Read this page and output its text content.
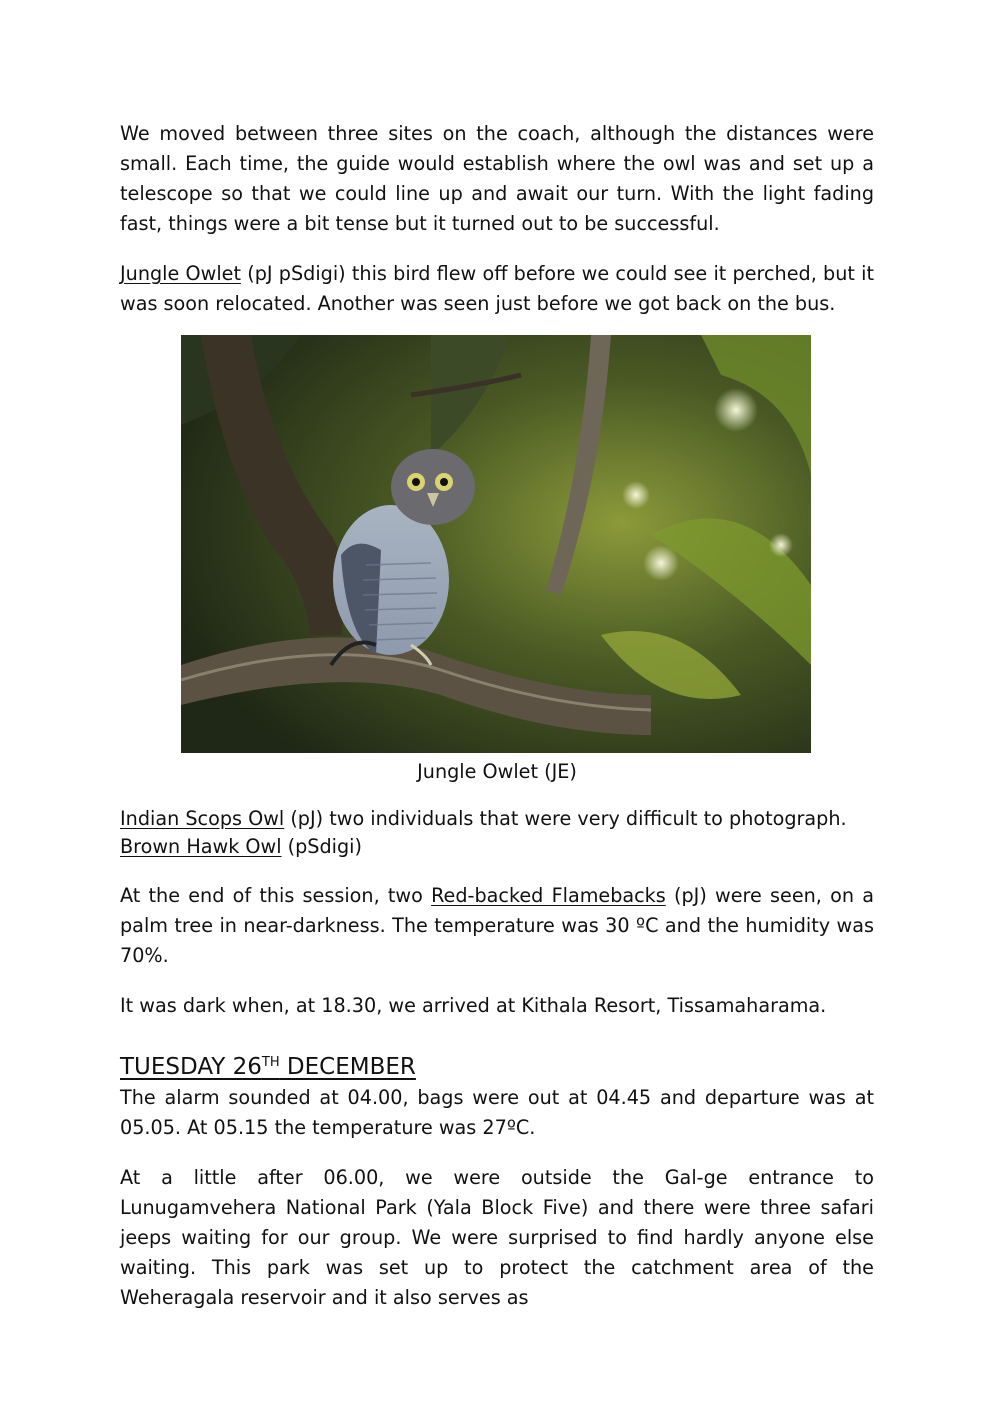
We moved between three sites on the coach, although the distances were small. Each time, the guide would establish where the owl was and set up a telescope so that we could line up and await our turn. With the light fading fast, things were a bit tense but it turned out to be successful.

Jungle Owlet (pJ pSdigi) this bird flew off before we could see it perched, but it was soon relocated. Another was seen just before we got back on the bus.

Jungle Owlet (JE)

Indian Scops Owl (pJ) two individuals that were very difficult to photograph.

Brown Hawk Owl (pSdigi)

At the end of this session, two Red-backed Flamebacks (pJ) were seen, on a palm tree in near-darkness. The temperature was 30 ºC and the humidity was 70%.

It was dark when, at 18.30, we arrived at Kithala Resort, Tissamaharama.

TUESDAY 26TH DECEMBER

The alarm sounded at 04.00, bags were out at 04.45 and departure was at 05.05. At 05.15 the temperature was 27ºC.

At a little after 06.00, we were outside the Gal-ge entrance to Lunugamvehera National Park (Yala Block Five) and there were three safari jeeps waiting for our group. We were surprised to find hardly anyone else waiting. This park was set up to protect the catchment area of the Weheragala reservoir and it also serves as
